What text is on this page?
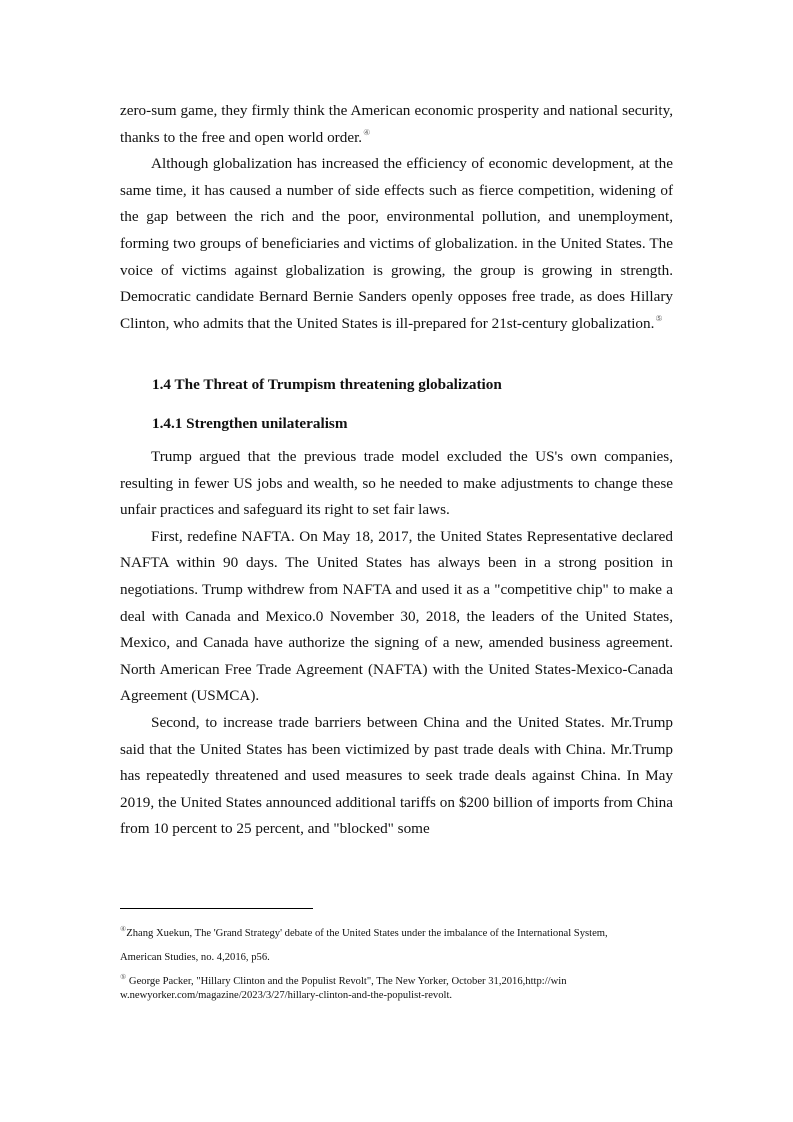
zero-sum game, they firmly think the American economic prosperity and national security, thanks to the free and open world order.④

Although globalization has increased the efficiency of economic development, at the same time, it has caused a number of side effects such as fierce competition, widening of the gap between the rich and the poor, environmental pollution, and unemployment, forming two groups of beneficiaries and victims of globalization. in the United States. The voice of victims against globalization is growing, the group is growing in strength. Democratic candidate Bernard Bernie Sanders openly opposes free trade, as does Hillary Clinton, who admits that the United States is ill-prepared for 21st-century globalization.⑤

1.4 The Threat of Trumpism threatening globalization
1.4.1 Strengthen unilateralism

Trump argued that the previous trade model excluded the US's own companies, resulting in fewer US jobs and wealth, so he needed to make adjustments to change these unfair practices and safeguard its right to set fair laws.

First, redefine NAFTA. On May 18, 2017, the United States Representative declared NAFTA within 90 days. The United States has always been in a strong position in negotiations. Trump withdrew from NAFTA and used it as a "competitive chip" to make a deal with Canada and Mexico.0 November 30, 2018, the leaders of the United States, Mexico, and Canada have authorize the signing of a new, amended business agreement. North American Free Trade Agreement (NAFTA) with the United States-Mexico-Canada Agreement (USMCA).

Second, to increase trade barriers between China and the United States. Mr.Trump said that the United States has been victimized by past trade deals with China. Mr.Trump has repeatedly threatened and used measures to seek trade deals against China. In May 2019, the United States announced additional tariffs on $200 billion of imports from China from 10 percent to 25 percent, and "blocked" some

④Zhang Xuekun, The 'Grand Strategy' debate of the United States under the imbalance of the International System,
American Studies, no. 4,2016, p56.

⑤ George Packer, "Hillary Clinton and the Populist Revolt", The New Yorker, October 31,2016,http://win
w.newyorker.com/magazine/2023/3/27/hillary-clinton-and-the-populist-revolt.
